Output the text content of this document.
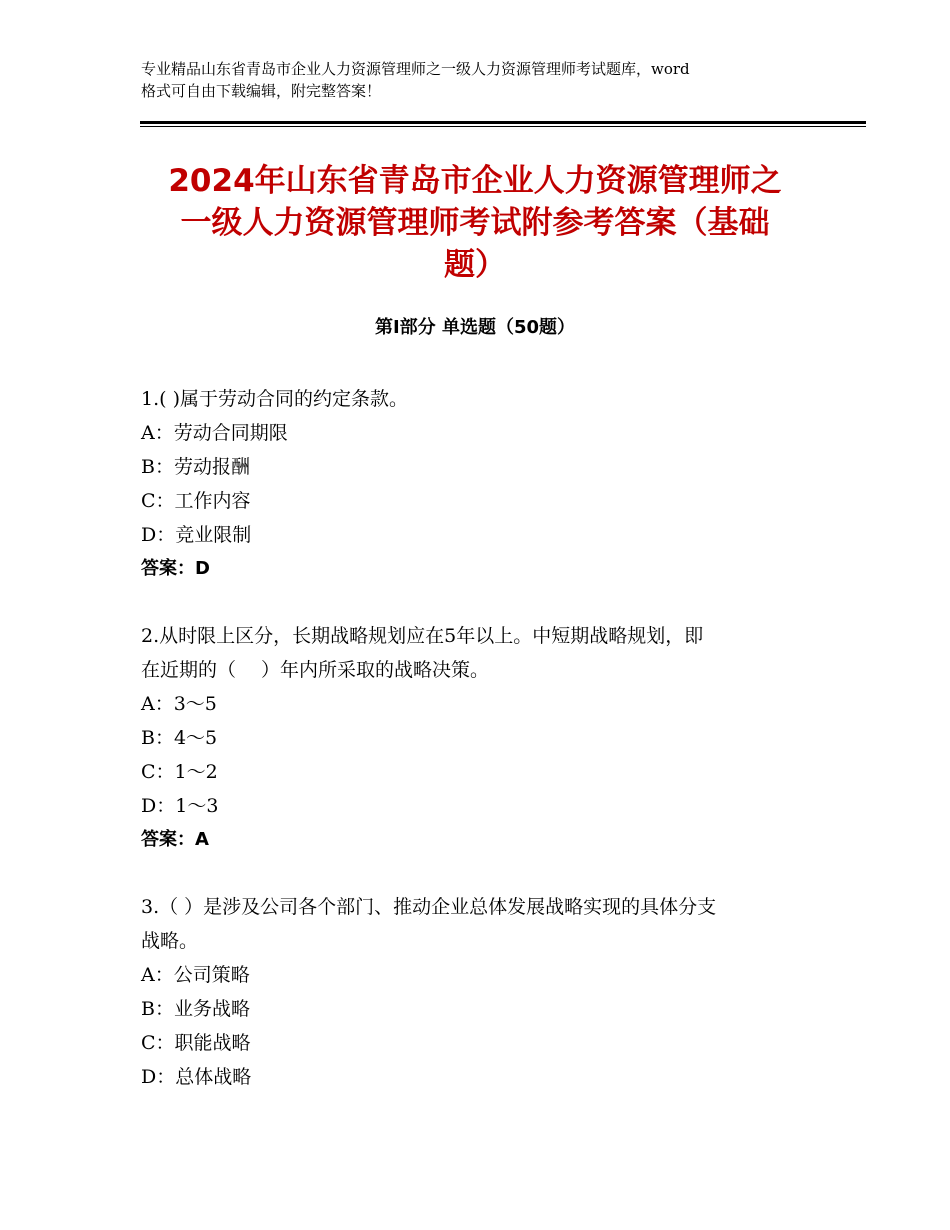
专业精品山东省青岛市企业人力资源管理师之一级人力资源管理师考试题库，word
格式可自由下载编辑，附完整答案！
2024年山东省青岛市企业人力资源管理师之
一级人力资源管理师考试附参考答案（基础
题）
第Ⅰ部分 单选题（50题）

1.( )属于劳动合同的约定条款。

A：劳动合同期限

B：劳动报酬

C：工作内容

D：竞业限制

答案：D

2.从时限上区分，长期战略规划应在5年以上。中短期战略规划，即

在近期的（　 ）年内所采取的战略决策。

A：3～5

B：4～5

C：1～2

D：1～3

答案：A

3.（ ）是涉及公司各个部门、推动企业总体发展战略实现的具体分支

战略。

A：公司策略

B：业务战略

C：职能战略

D：总体战略
